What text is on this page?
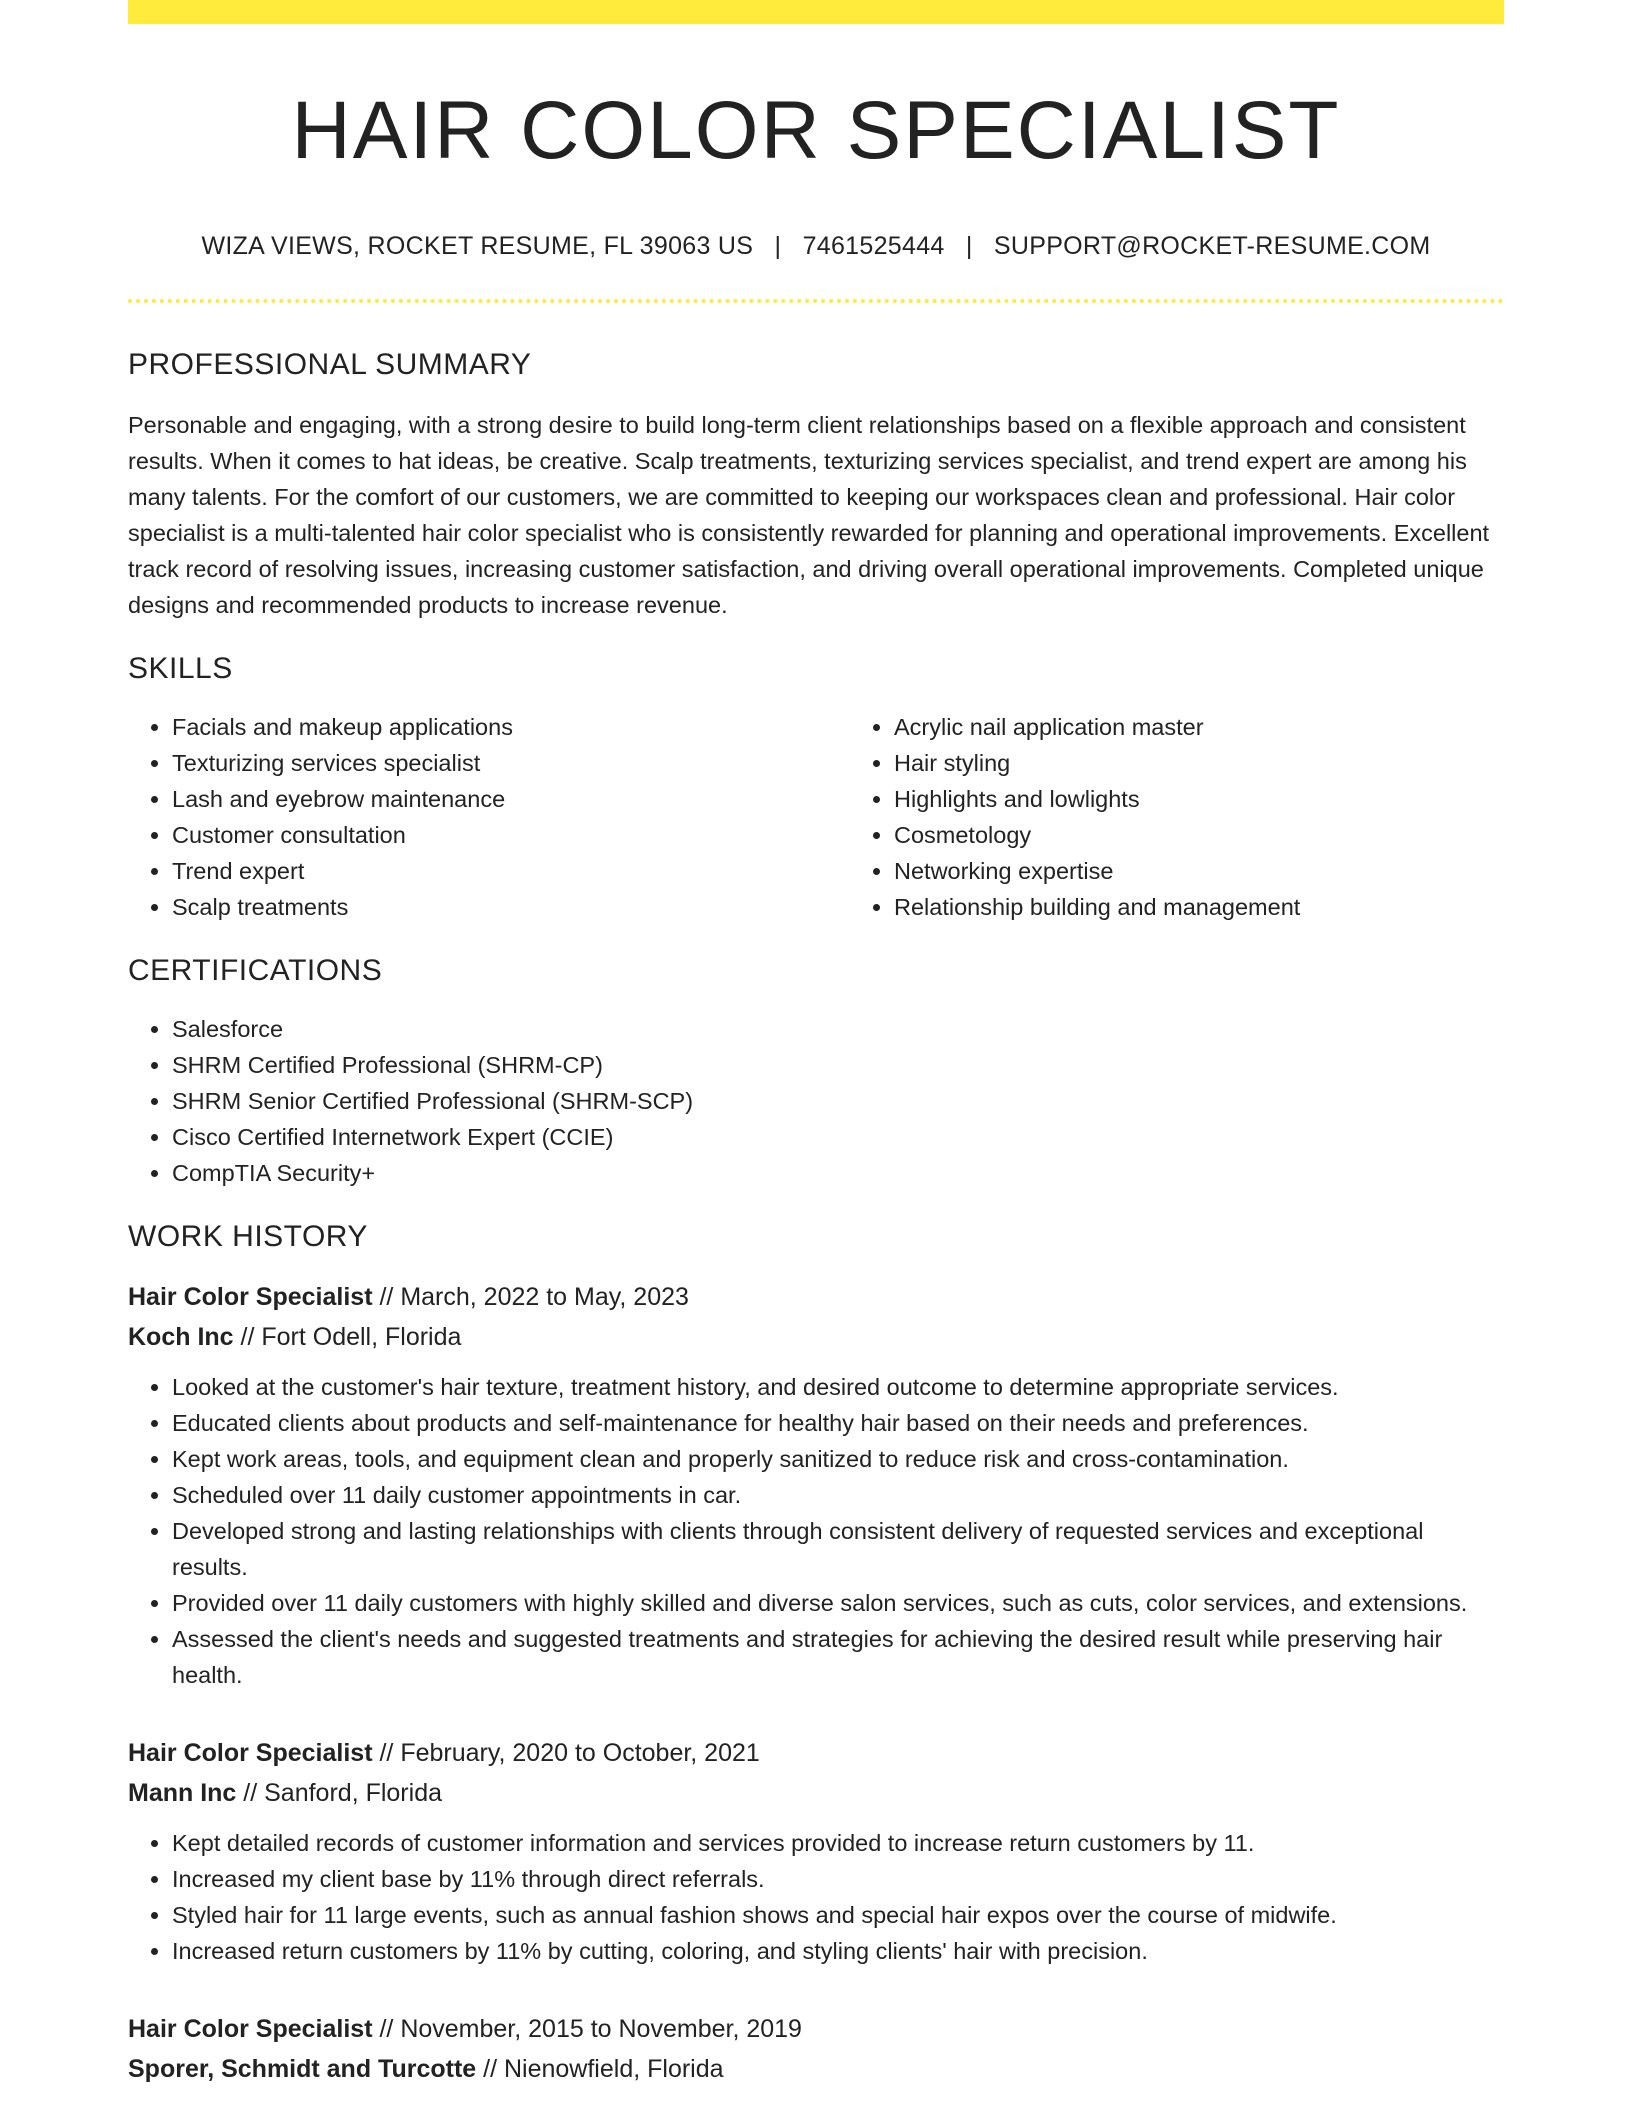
HAIR COLOR SPECIALIST
WIZA VIEWS, ROCKET RESUME, FL 39063 US | 7461525444 | SUPPORT@ROCKET-RESUME.COM
PROFESSIONAL SUMMARY

Personable and engaging, with a strong desire to build long-term client relationships based on a flexible approach and consistent results. When it comes to hat ideas, be creative. Scalp treatments, texturizing services specialist, and trend expert are among his many talents. For the comfort of our customers, we are committed to keeping our workspaces clean and professional. Hair color specialist is a multi-talented hair color specialist who is consistently rewarded for planning and operational improvements. Excellent track record of resolving issues, increasing customer satisfaction, and driving overall operational improvements. Completed unique designs and recommended products to increase revenue.

SKILLS
• Facials and makeup applications
• Texturizing services specialist
• Lash and eyebrow maintenance
• Customer consultation
• Trend expert
• Scalp treatments
• Acrylic nail application master
• Hair styling
• Highlights and lowlights
• Cosmetology
• Networking expertise
• Relationship building and management
CERTIFICATIONS
• Salesforce
• SHRM Certified Professional (SHRM-CP)
• SHRM Senior Certified Professional (SHRM-SCP)
• Cisco Certified Internetwork Expert (CCIE)
• CompTIA Security+
WORK HISTORY
Hair Color Specialist // March, 2022 to May, 2023
Koch Inc // Fort Odell, Florida
• Looked at the customer's hair texture, treatment history, and desired outcome to determine appropriate services.
• Educated clients about products and self-maintenance for healthy hair based on their needs and preferences.
• Kept work areas, tools, and equipment clean and properly sanitized to reduce risk and cross-contamination.
• Scheduled over 11 daily customer appointments in car.
• Developed strong and lasting relationships with clients through consistent delivery of requested services and exceptional results.
• Provided over 11 daily customers with highly skilled and diverse salon services, such as cuts, color services, and extensions.
• Assessed the client's needs and suggested treatments and strategies for achieving the desired result while preserving hair health.
Hair Color Specialist // February, 2020 to October, 2021
Mann Inc // Sanford, Florida
• Kept detailed records of customer information and services provided to increase return customers by 11.
• Increased my client base by 11% through direct referrals.
• Styled hair for 11 large events, such as annual fashion shows and special hair expos over the course of midwife.
• Increased return customers by 11% by cutting, coloring, and styling clients' hair with precision.
Hair Color Specialist // November, 2015 to November, 2019
Sporer, Schmidt and Turcotte // Nienowfield, Florida
